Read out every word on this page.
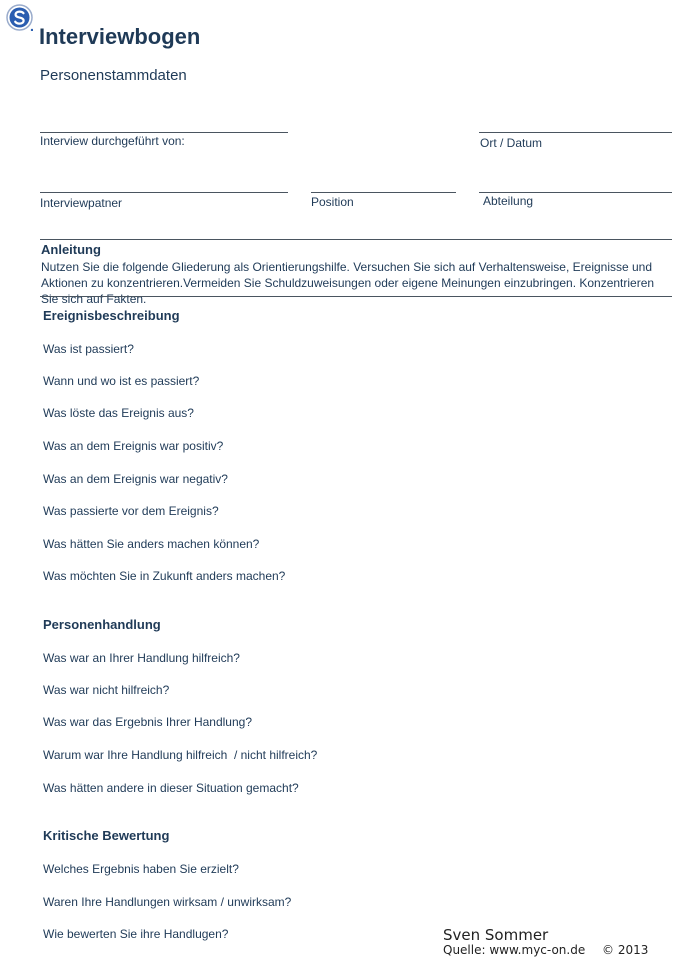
Interviewbogen
Personenstammdaten
Interview durchgeführt von:	Ort / Datum
Interviewpatner	Position	Abteilung
Anleitung
Nutzen Sie die folgende Gliederung als Orientierungshilfe. Versuchen Sie sich auf Verhaltensweise, Ereignisse und Aktionen zu konzentrieren.Vermeiden Sie Schuldzuweisungen oder eigene Meinungen einzubringen. Konzentrieren Sie sich auf Fakten.
Ereignisbeschreibung
Was ist passiert?
Wann und wo ist es passiert?
Was löste das Ereignis aus?
Was an dem Ereignis war positiv?
Was an dem Ereignis war negativ?
Was passierte vor dem Ereignis?
Was hätten Sie anders machen können?
Was möchten Sie in Zukunft anders machen?
Personenhandlung
Was war an Ihrer Handlung hilfreich?
Was war nicht hilfreich?
Was war das Ergebnis Ihrer Handlung?
Warum war Ihre Handlung hilfreich  / nicht hilfreich?
Was hätten andere in dieser Situation gemacht?
Kritische Bewertung
Welches Ergebnis haben Sie erzielt?
Waren Ihre Handlungen wirksam / unwirksam?
Wie bewerten Sie ihre Handlugen?	Sven Sommer
Quelle: www.myc-on.de © 2013
